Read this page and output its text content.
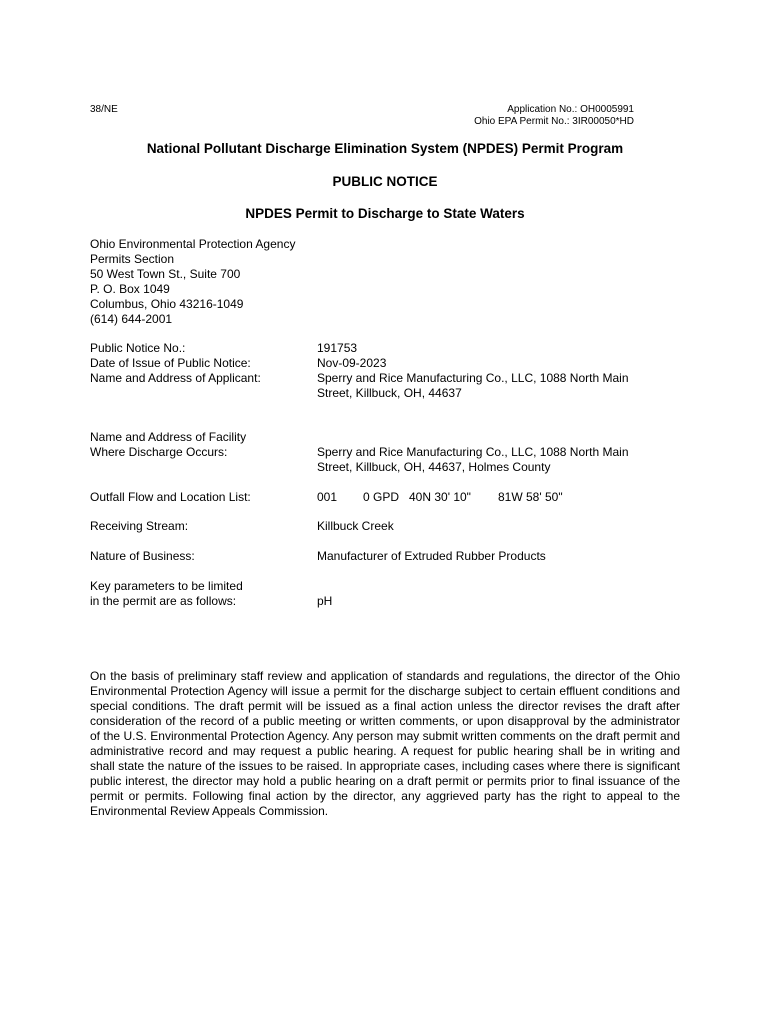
38/NE	Application No.: OH0005991
Ohio EPA Permit No.: 3IR00050*HD
National Pollutant Discharge Elimination System (NPDES) Permit Program
PUBLIC NOTICE
NPDES Permit to Discharge to State Waters
Ohio Environmental Protection Agency
Permits Section
50 West Town St., Suite 700
P. O. Box 1049
Columbus, Ohio 43216-1049
(614) 644-2001
Public Notice No.:	191753
Date of Issue of Public Notice:	Nov-09-2023
Name and Address of Applicant:	Sperry and Rice Manufacturing Co., LLC, 1088 North Main
Street, Killbuck, OH, 44637
Name and Address of Facility
Where Discharge Occurs:	Sperry and Rice Manufacturing Co., LLC, 1088 North Main
Street, Killbuck, OH, 44637, Holmes County
Outfall Flow and Location List:	001 0 GPD 40N 30' 10" 81W 58' 50"
Receiving Stream:	Killbuck Creek
Nature of Business:	Manufacturer of Extruded Rubber Products
Key parameters to be limited
in the permit are as follows:	pH
On the basis of preliminary staff review and application of standards and regulations, the director of the Ohio Environmental Protection Agency will issue a permit for the discharge subject to certain effluent conditions and special conditions. The draft permit will be issued as a final action unless the director revises the draft after consideration of the record of a public meeting or written comments, or upon disapproval by the administrator of the U.S. Environmental Protection Agency. Any person may submit written comments on the draft permit and administrative record and may request a public hearing. A request for public hearing shall be in writing and shall state the nature of the issues to be raised. In appropriate cases, including cases where there is significant public interest, the director may hold a public hearing on a draft permit or permits prior to final issuance of the permit or permits. Following final action by the director, any aggrieved party has the right to appeal to the Environmental Review Appeals Commission.
